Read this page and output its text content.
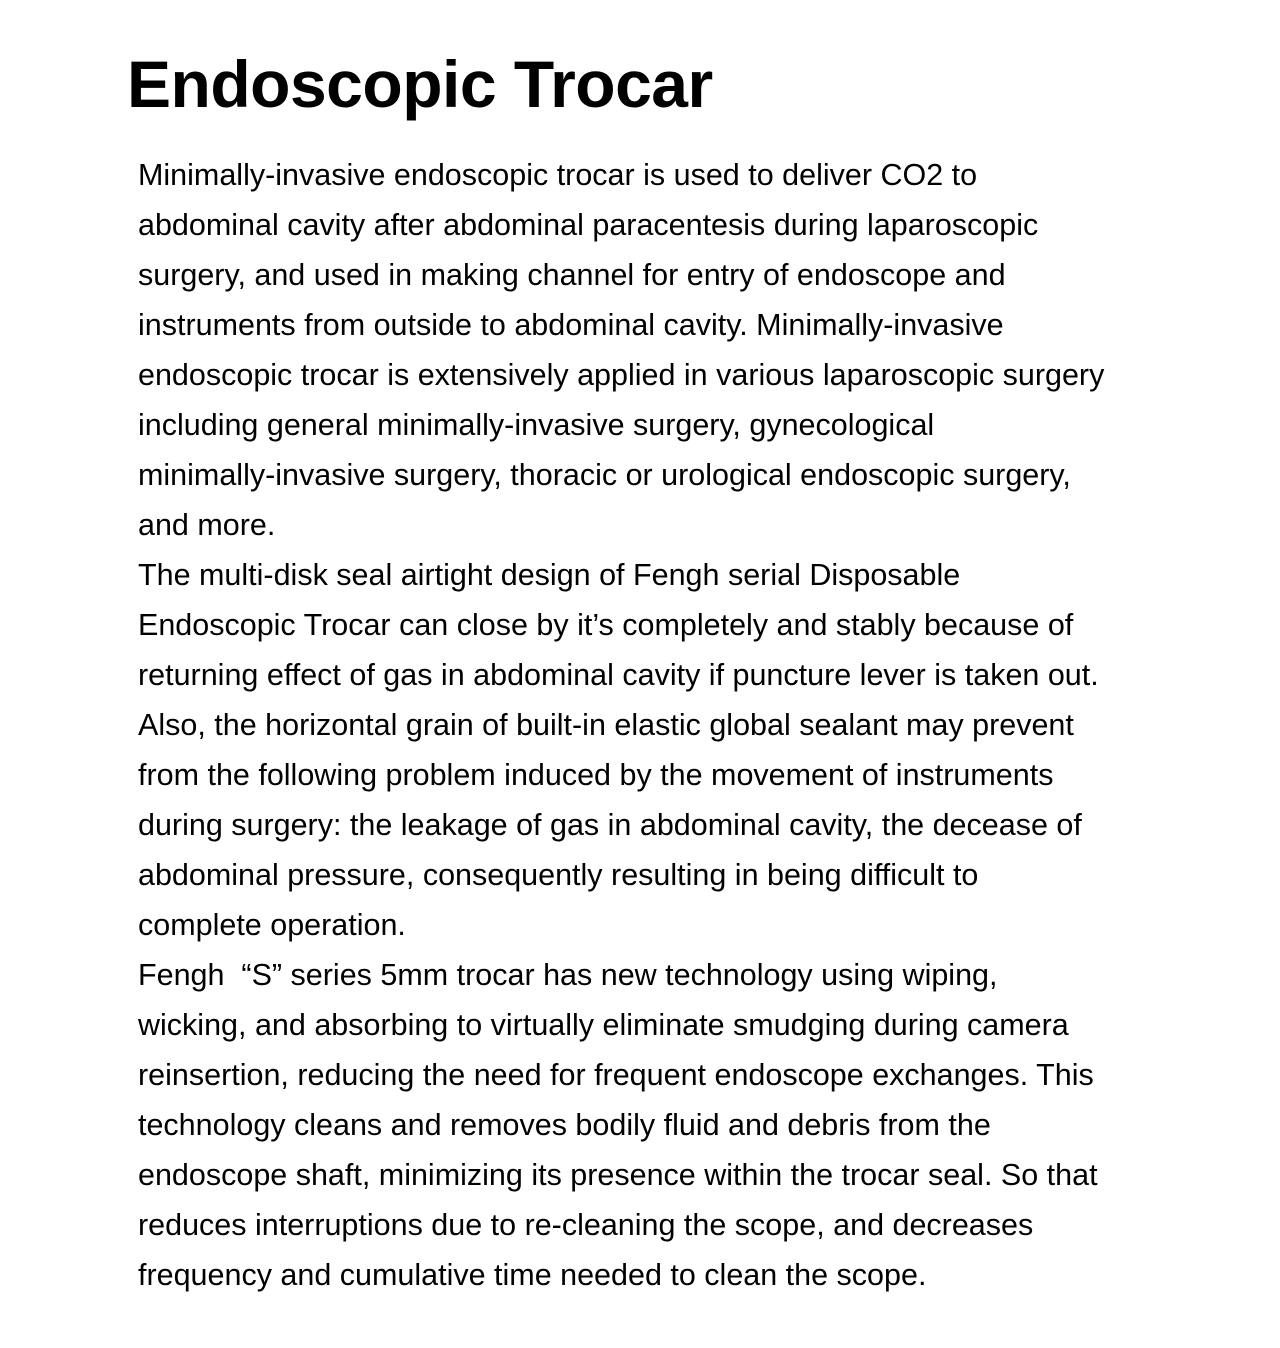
Endoscopic Trocar
Minimally-invasive endoscopic trocar is used to deliver CO2 to
abdominal cavity after abdominal paracentesis during laparoscopic
surgery, and used in making channel for entry of endoscope and
instruments from outside to abdominal cavity. Minimally-invasive
endoscopic trocar is extensively applied in various laparoscopic surgery
including general minimally-invasive surgery, gynecological
minimally-invasive surgery, thoracic or urological endoscopic surgery,
and more.
The multi-disk seal airtight design of Fengh serial Disposable
Endoscopic Trocar can close by it’s completely and stably because of
returning effect of gas in abdominal cavity if puncture lever is taken out.
Also, the horizontal grain of built-in elastic global sealant may prevent
from the following problem induced by the movement of instruments
during surgery: the leakage of gas in abdominal cavity, the decease of
abdominal pressure, consequently resulting in being difficult to
complete operation.
Fengh  “S” series 5mm trocar has new technology using wiping,
wicking, and absorbing to virtually eliminate smudging during camera
reinsertion, reducing the need for frequent endoscope exchanges. This
technology cleans and removes bodily fluid and debris from the
endoscope shaft, minimizing its presence within the trocar seal. So that
reduces interruptions due to re-cleaning the scope, and decreases
frequency and cumulative time needed to clean the scope.
